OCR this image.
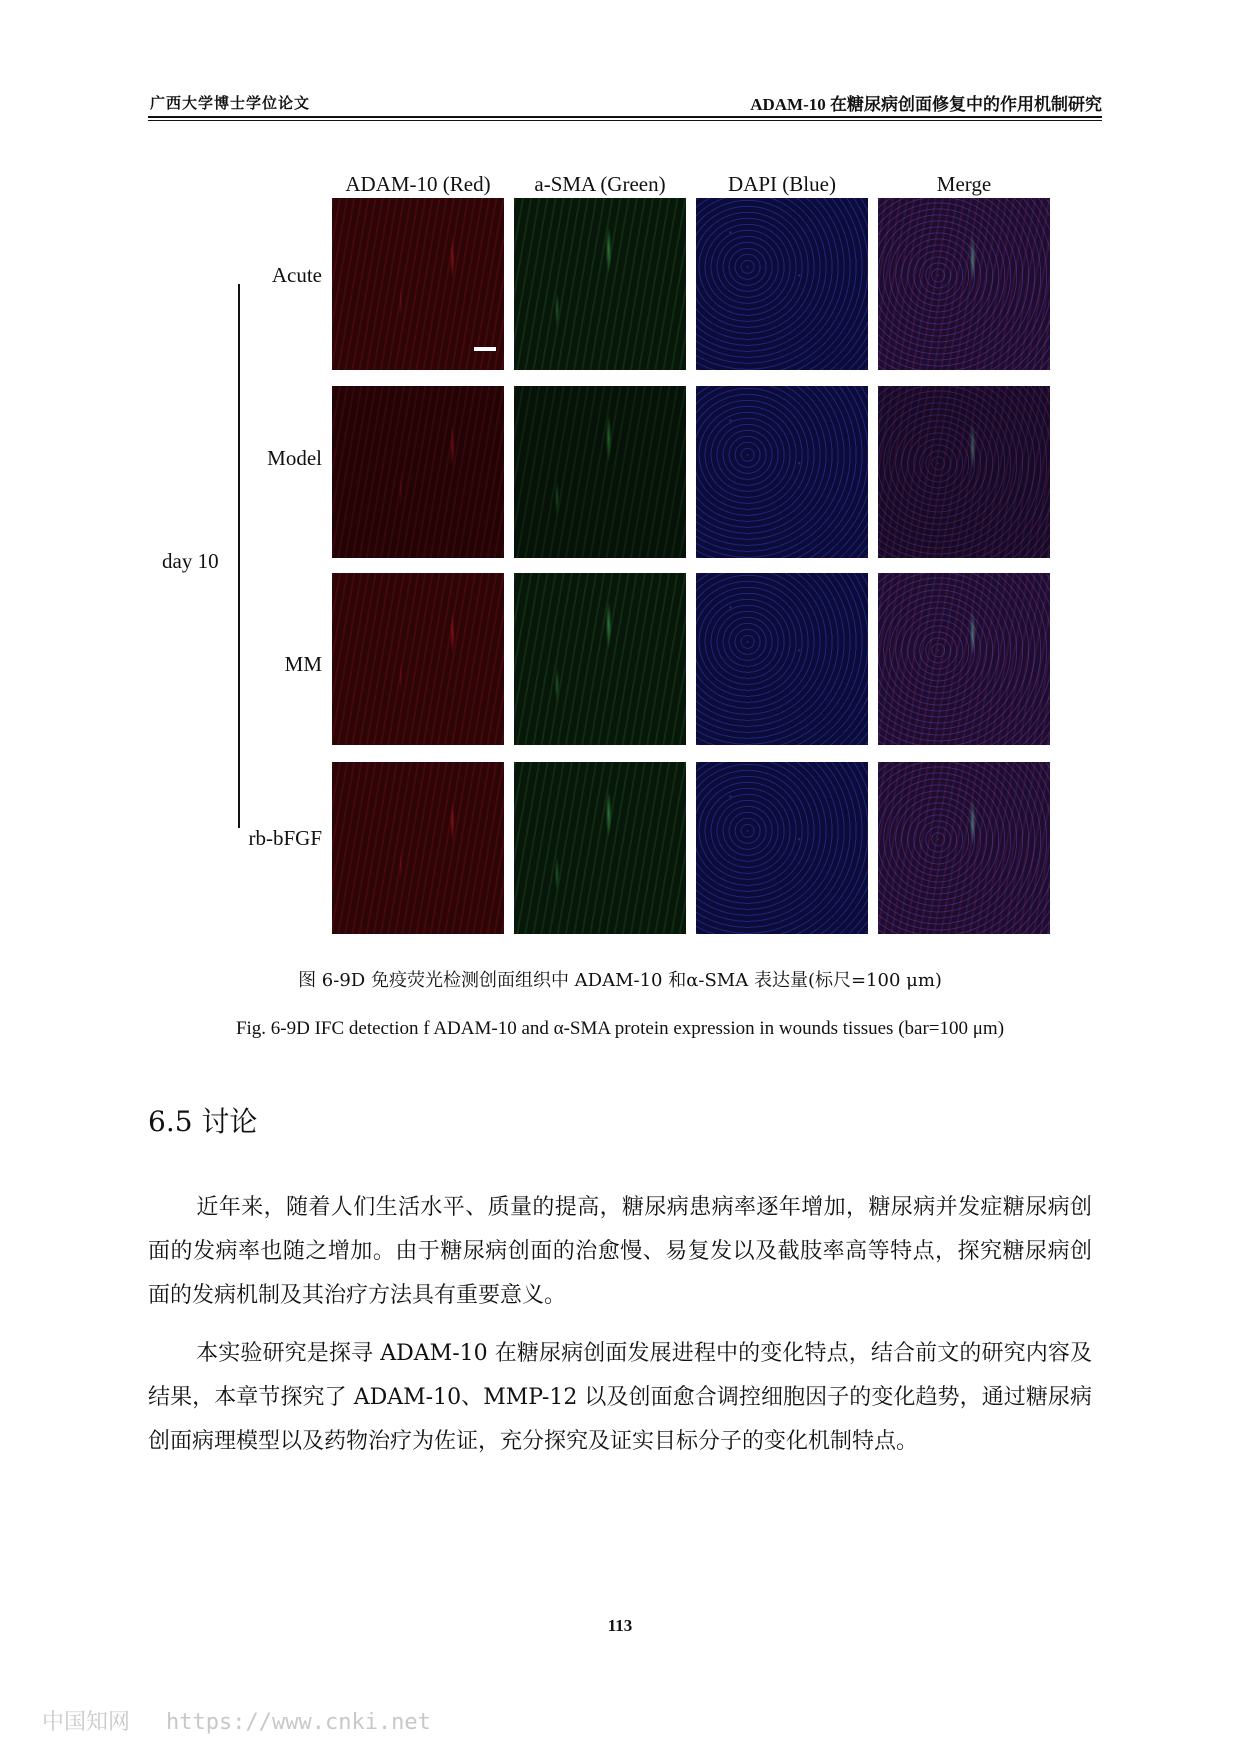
广西大学博士学位论文	ADAM-10 在糖尿病创面修复中的作用机制研究
ADAM-10 (Red)	a-SMA (Green)	DAPI (Blue)	Merge
day 10
Acute
Model
MM
rb-bFGF
图 6-9D 免疫荧光检测创面组织中 ADAM-10 和α-SMA 表达量(标尺=100 μm)
Fig. 6-9D IFC detection f ADAM-10 and α-SMA protein expression in wounds tissues (bar=100 μm)
6.5 讨论
近年来，随着人们生活水平、质量的提高，糖尿病患病率逐年增加，糖尿病并发症糖尿病创面的发病率也随之增加。由于糖尿病创面的治愈慢、易复发以及截肢率高等特点，探究糖尿病创面的发病机制及其治疗方法具有重要意义。
本实验研究是探寻 ADAM-10 在糖尿病创面发展进程中的变化特点，结合前文的研究内容及结果，本章节探究了 ADAM-10、MMP-12 以及创面愈合调控细胞因子的变化趋势，通过糖尿病创面病理模型以及药物治疗为佐证，充分探究及证实目标分子的变化机制特点。
113
中国知网 https://www.cnki.net
